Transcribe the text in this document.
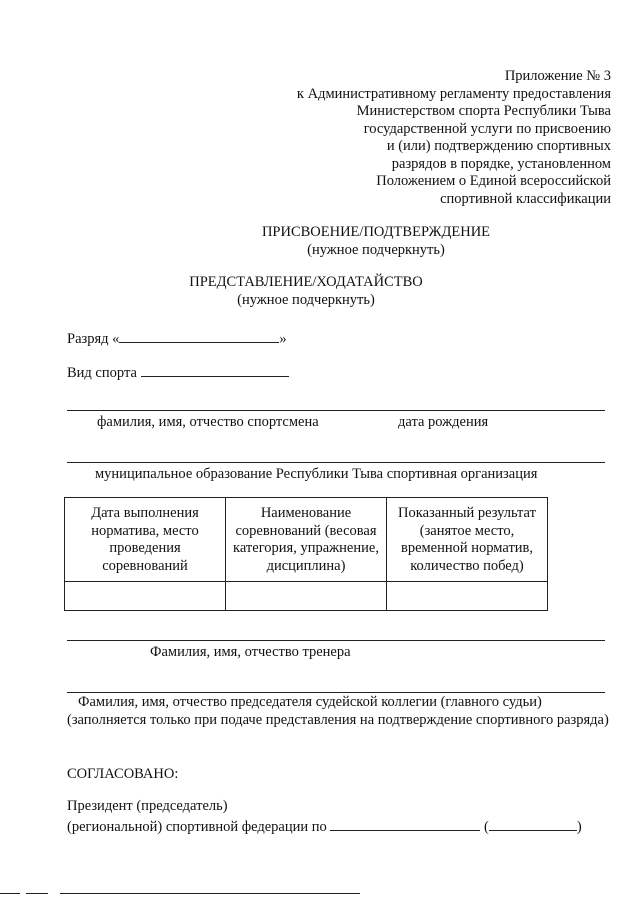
Приложение № 3
к Административному регламенту предоставления
Министерством спорта Республики Тыва
государственной услуги по присвоению
и (или) подтверждению спортивных
разрядов в порядке, установленном
Положением о Единой всероссийской
спортивной классификации
ПРИСВОЕНИЕ/ПОДТВЕРЖДЕНИЕ
(нужное подчеркнуть)
ПРЕДСТАВЛЕНИЕ/ХОДАТАЙСТВО
(нужное подчеркнуть)
Разряд «	»
Вид спорта
фамилия, имя, отчество спортсмена	дата рождения
муниципальное образование Республики Тыва спортивная организация
Дата выполнения норматива, место проведения соревнований	Наименование соревнований (весовая категория, упражнение, дисциплина)	Показанный результат (занятое место, временной норматив, количество побед)

Фамилия, имя, отчество тренера
Фамилия, имя, отчество председателя судейской коллегии (главного судьи)
(заполняется только при подаче представления на подтверждение спортивного разряда)
СОГЛАСОВАНО:
Президент (председатель)
(региональной) спортивной федерации по	(	)
